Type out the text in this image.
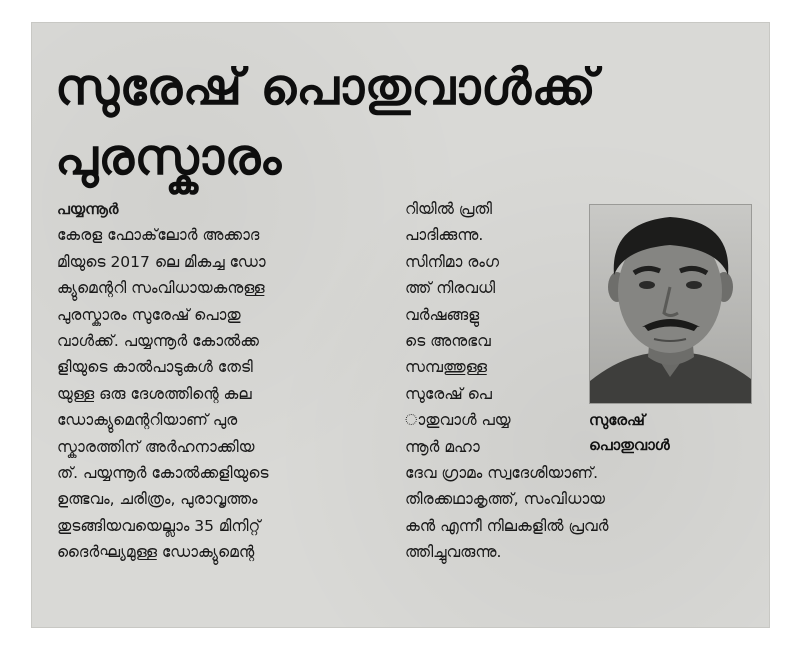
സുരേഷ് പൊതുവാൾക്ക്
പുരസ്കാരം
പയ്യന്നൂർ
കേരള ഫോക്‌ലോർ അക്കാദ
മിയുടെ 2017 ലെ മികച്ച ഡോ
ക്യുമെന്ററി സംവിധായകനുള്ള
പുരസ്കാരം സുരേഷ് പൊതു
വാൾക്ക്. പയ്യന്നൂർ കോൽക്ക
ളിയുടെ കാൽപാടുകൾ തേടി
യുള്ള ഒരു ദേശത്തിന്റെ കല
ഡോക്യുമെന്ററിയാണ് പുര
സ്കാരത്തിന് അർഹനാക്കിയ
ത്. പയ്യന്നൂർ കോൽക്കളിയുടെ
ഉത്ഭവം, ചരിത്രം, പുരാവൃത്തം
തുടങ്ങിയവയെല്ലാം 35 മിനിറ്റ്
ദൈർഘ്യമുള്ള ഡോക്യുമെന്റ
റിയിൽ പ്രതി
പാദിക്കുന്നു.
സിനിമാ രംഗ
ത്ത് നിരവധി
വർഷങ്ങളു
ടെ അനുഭവ
സമ്പത്തുള്ള
സുരേഷ് പെ
ാതുവാൾ പയ്യ
ന്നൂർ മഹാ
ദേവ ഗ്രാമം സ്വദേശിയാണ്.
തിരക്കഥാകൃത്ത്, സംവിധായ
കൻ എന്നീ നിലകളിൽ പ്രവർ
ത്തിച്ചുവരുന്നു.
സുരേഷ്
പൊതുവാൾ
